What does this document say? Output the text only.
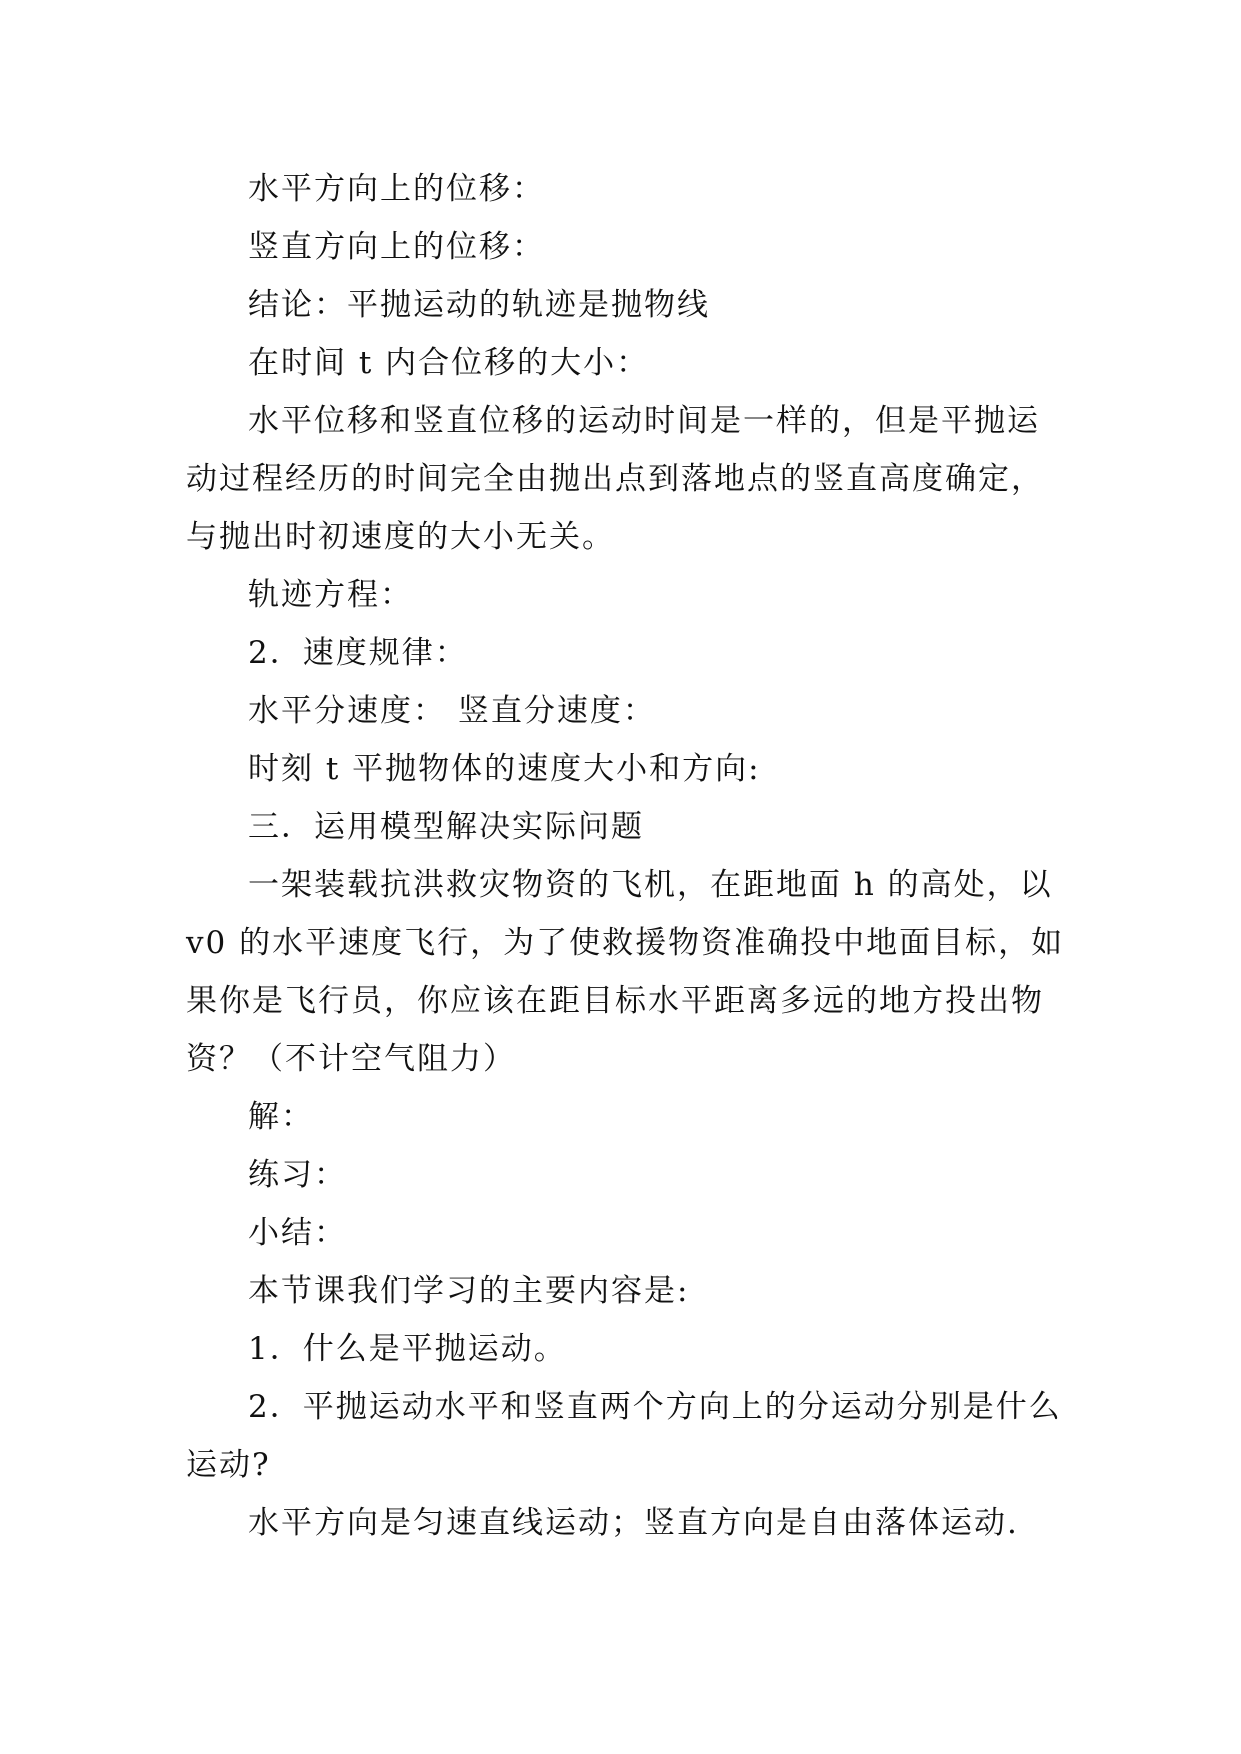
水平方向上的位移：

竖直方向上的位移：

结论：平抛运动的轨迹是抛物线

在时间 t 内合位移的大小：

水平位移和竖直位移的运动时间是一样的，但是平抛运动过程经历的时间完全由抛出点到落地点的竖直高度确定，与抛出时初速度的大小无关。

轨迹方程：

2．速度规律：

水平分速度： 竖直分速度：

时刻 t 平抛物体的速度大小和方向:

三．运用模型解决实际问题

一架装载抗洪救灾物资的飞机，在距地面 h 的高处，以 v0 的水平速度飞行，为了使救援物资准确投中地面目标，如果你是飞行员，你应该在距目标水平距离多远的地方投出物资？（不计空气阻力）

解：

练习：

小结：

本节课我们学习的主要内容是:

1．什么是平抛运动。

2．平抛运动水平和竖直两个方向上的分运动分别是什么运动?

水平方向是匀速直线运动；竖直方向是自由落体运动.
